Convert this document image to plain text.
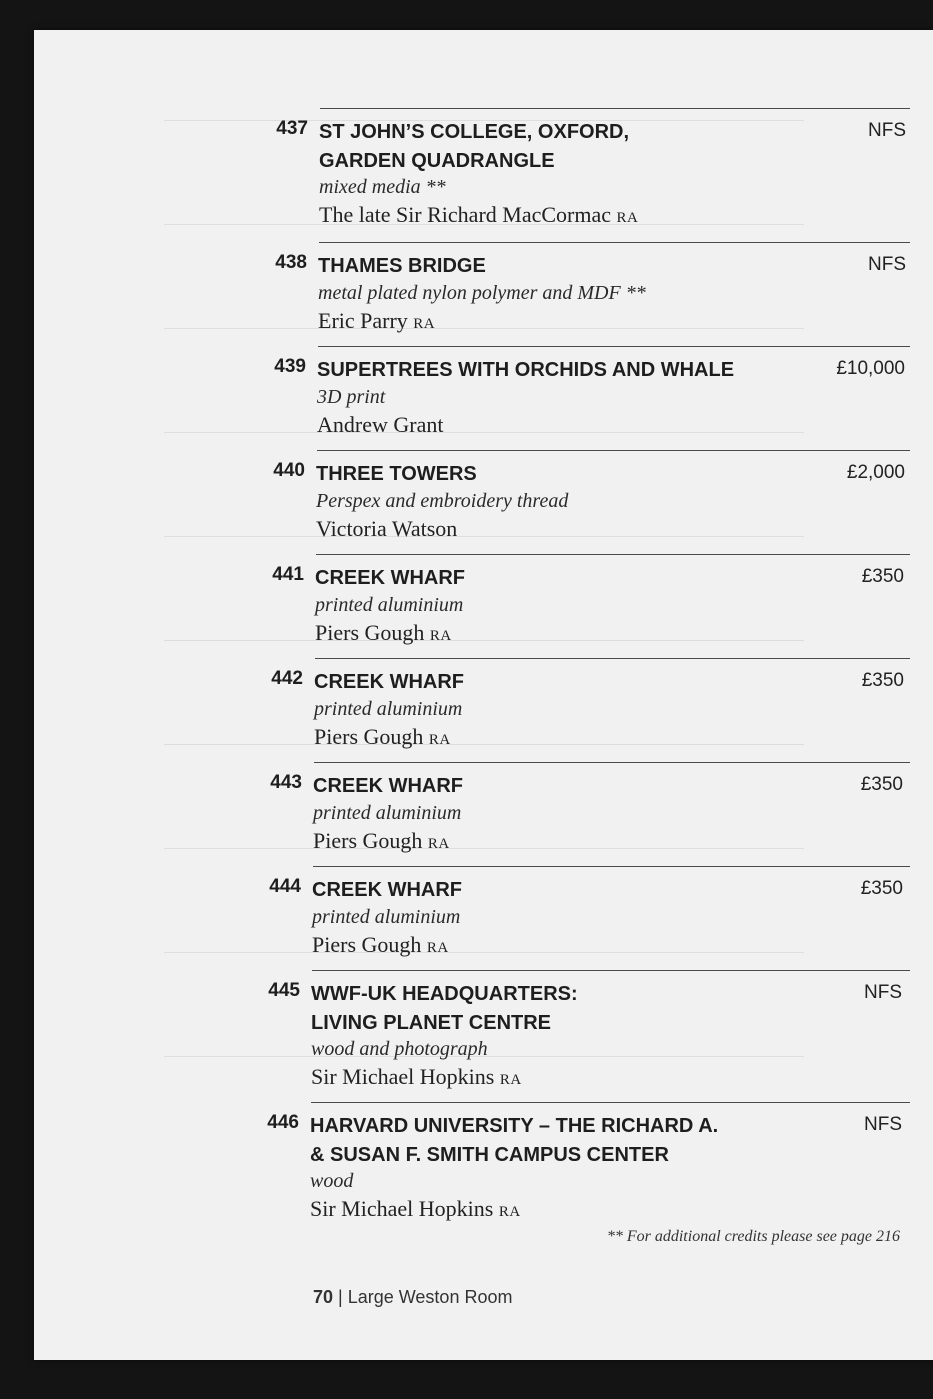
437 ST JOHN’S COLLEGE, OXFORD,
GARDEN QUADRANGLE
mixed media **
The late Sir Richard MacCormac RA
NFS
438 THAMES BRIDGE
metal plated nylon polymer and MDF **
Eric Parry RA
NFS
439 SUPERTREES WITH ORCHIDS AND WHALE
3D print
Andrew Grant
£10,000
440 THREE TOWERS
Perspex and embroidery thread
Victoria Watson
£2,000
441 CREEK WHARF
printed aluminium
Piers Gough RA
£350
442 CREEK WHARF
printed aluminium
Piers Gough RA
£350
443 CREEK WHARF
printed aluminium
Piers Gough RA
£350
444 CREEK WHARF
printed aluminium
Piers Gough RA
£350
445 WWF-UK HEADQUARTERS:
LIVING PLANET CENTRE
wood and photograph
Sir Michael Hopkins RA
NFS
446 HARVARD UNIVERSITY – THE RICHARD A.
& SUSAN F. SMITH CAMPUS CENTER
wood
Sir Michael Hopkins RA
NFS
** For additional credits please see page 216
70 | Large Weston Room
